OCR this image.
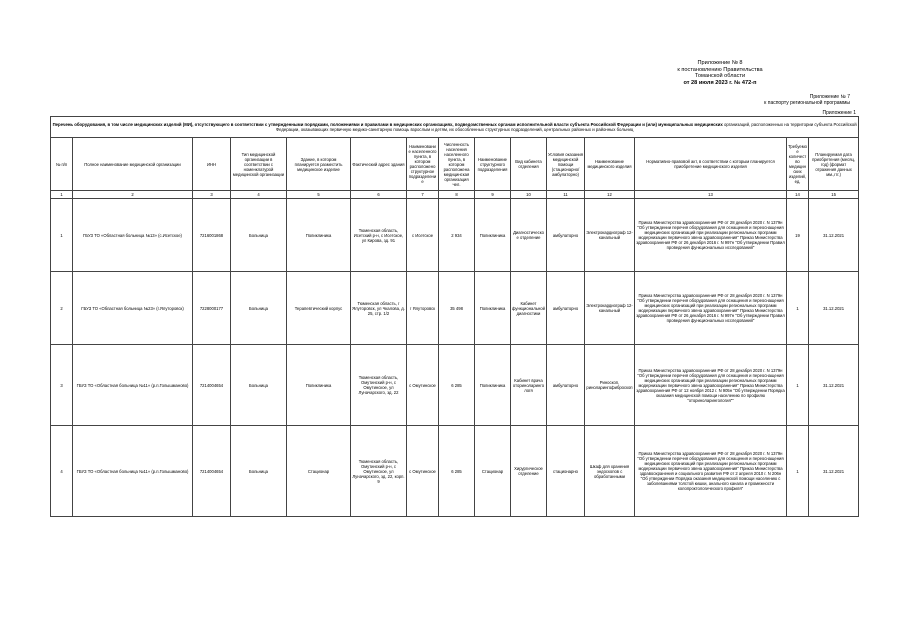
Приложение № 8
к постановлению Правительства
Томанской области
от 28 июля 2023 г. № 472-п
Приложение № 7
к паспорту региональной программы
Приложение 1
Перечень оборудования, в том числе медицинских изделий (МИ), отсутствующего в соответствии с утвержденными порядками, положениями и правилами в медицинских организациях, подведомственных органам исполнительной власти субъекта Российской Федерации и (или) муниципальных медицинских организаций, расположенных на территории субъекта Российской Федерации, оказывающих первичную медико-санитарную помощь взрослым и детям, их обособленных структурных подразделений, центральных районных и районных больниц														
№ п/п	Полное наименование медицинской организации	ИНН	Тип медицинской организации в соответствии с номенклатурой медицинской организации	Здание, в котором планируется разместить медицинское изделие	Фактический адрес здания	Наименование населенного пункта, в котором расположено структурное подразделение	Численность населения населенного пункта, в котором расположена медицинская организация чел.	Наименование структурного подразделения	Вид кабинета отделения	Условия оказания медицинской помощи (стационарно/амбулаторно)	Наименование медицинского изделия	Нормативно-правовой акт, в соответствии с которым планируется приобретение медицинского изделия	Требуемое количество медицинских изделий, ед.	Планируемая дата приобретения (месяц, год) (формат отражения данных мм.,ггг.)
1	2	3	4	5	6	7	8	9	10	11	12	13	14	15
1	ГБУЗ ТО «Областная больница №13» (с.Исетское)	7216001868	Больница	Поликлиника	Тюменская область, Исетский р-н, с Исетское, ул Кирова, зд. 91	с Исетское	2 934	Поликлиника	Диагностическое отделение	амбулаторно	Электрокардиограф 12-канальный	Приказ Министерства здравоохранения РФ от 28 декабря 2020 г. N 1379н "Об утверждении перечня оборудования для оснащения и переоснащения медицинских организаций при реализации региональных программ модернизации первичного звена здравоохранения" Приказ Министерства здравоохранения РФ от 26 декабря 2016 г. N 997н "Об утверждении Правил проведения функциональных исследований"	19	31.12.2021
2	ГБУЗ ТО «Областная больница №23» (г.Ялуторовск)	7228000177	Больница	Терапевтический корпус	Тюменская область, г Ялуторовск, ул Чкалова, д. 25, стр. 1/2	г Ялуторовск	35 498	Поликлиника	Кабинет функциональной диагностики	амбулаторно	Электрокардиограф 12-канальный	Приказ Министерства здравоохранения РФ от 28 декабря 2020 г. N 1379н "Об утверждении перечня оборудования для оснащения и переоснащения медицинских организаций при реализации региональных программ модернизации первичного звена здравоохранения" Приказ Министерства здравоохранения РФ от 26 декабря 2016 г. N 997н "Об утверждении Правил проведения функциональных исследований"	1	31.12.2021
3	ГБУЗ ТО «Областная больница №11» (р.п.Голышманово)	7214004654	Больница	Поликлиника	Тюменская область, Омутинский р-н, с Омутинское, ул Луначарского, зд. 22	с Омутинское	6 285	Поликлиника	Кабинет врача оториноларингологя	амбулаторно	Риноскоп, риноларингофиброскоп	Приказ Министерства здравоохранения РФ от 28 декабря 2020 г. N 1379н "Об утверждении перечня оборудования для оснащения и переоснащения медицинских организаций при реализации региональных программ модернизации первичного звена здравоохранения" Приказ Министерства здравоохранения РФ от 12 ноября 2012 г. N 905н "Об утверждении Порядка оказания медицинской помощи населению по профилю "оториноларингология""	1	31.12.2021
4	ГБУЗ ТО «Областная больница №11» (р.п.Голышманово)	7214004654	Больница	Стационар	Тюменская область, Омутинский р-н, с Омутинское, ул Луначарского, зд. 22, корп. 9	с Омутинское	6 285	Стационар	Хирургическое отделение	стационарно	Шкаф для хранения эндоскопов с обработанными	Приказ Министерства здравоохранения РФ от 28 декабря 2020 г. N 1379н "Об утверждении перечня оборудования для оснащения и переоснащения медицинских организаций при реализации региональных программ модернизации первичного звена здравоохранения" Приказ Министерства здравоохранения и социального развития РФ от 2 апреля 2010 г. N 206н "Об утверждении Порядка оказания медицинской помощи населению с заболеваниями толстой кишки, анального канала и промежности колопроктологического профиля"	1	31.12.2021
